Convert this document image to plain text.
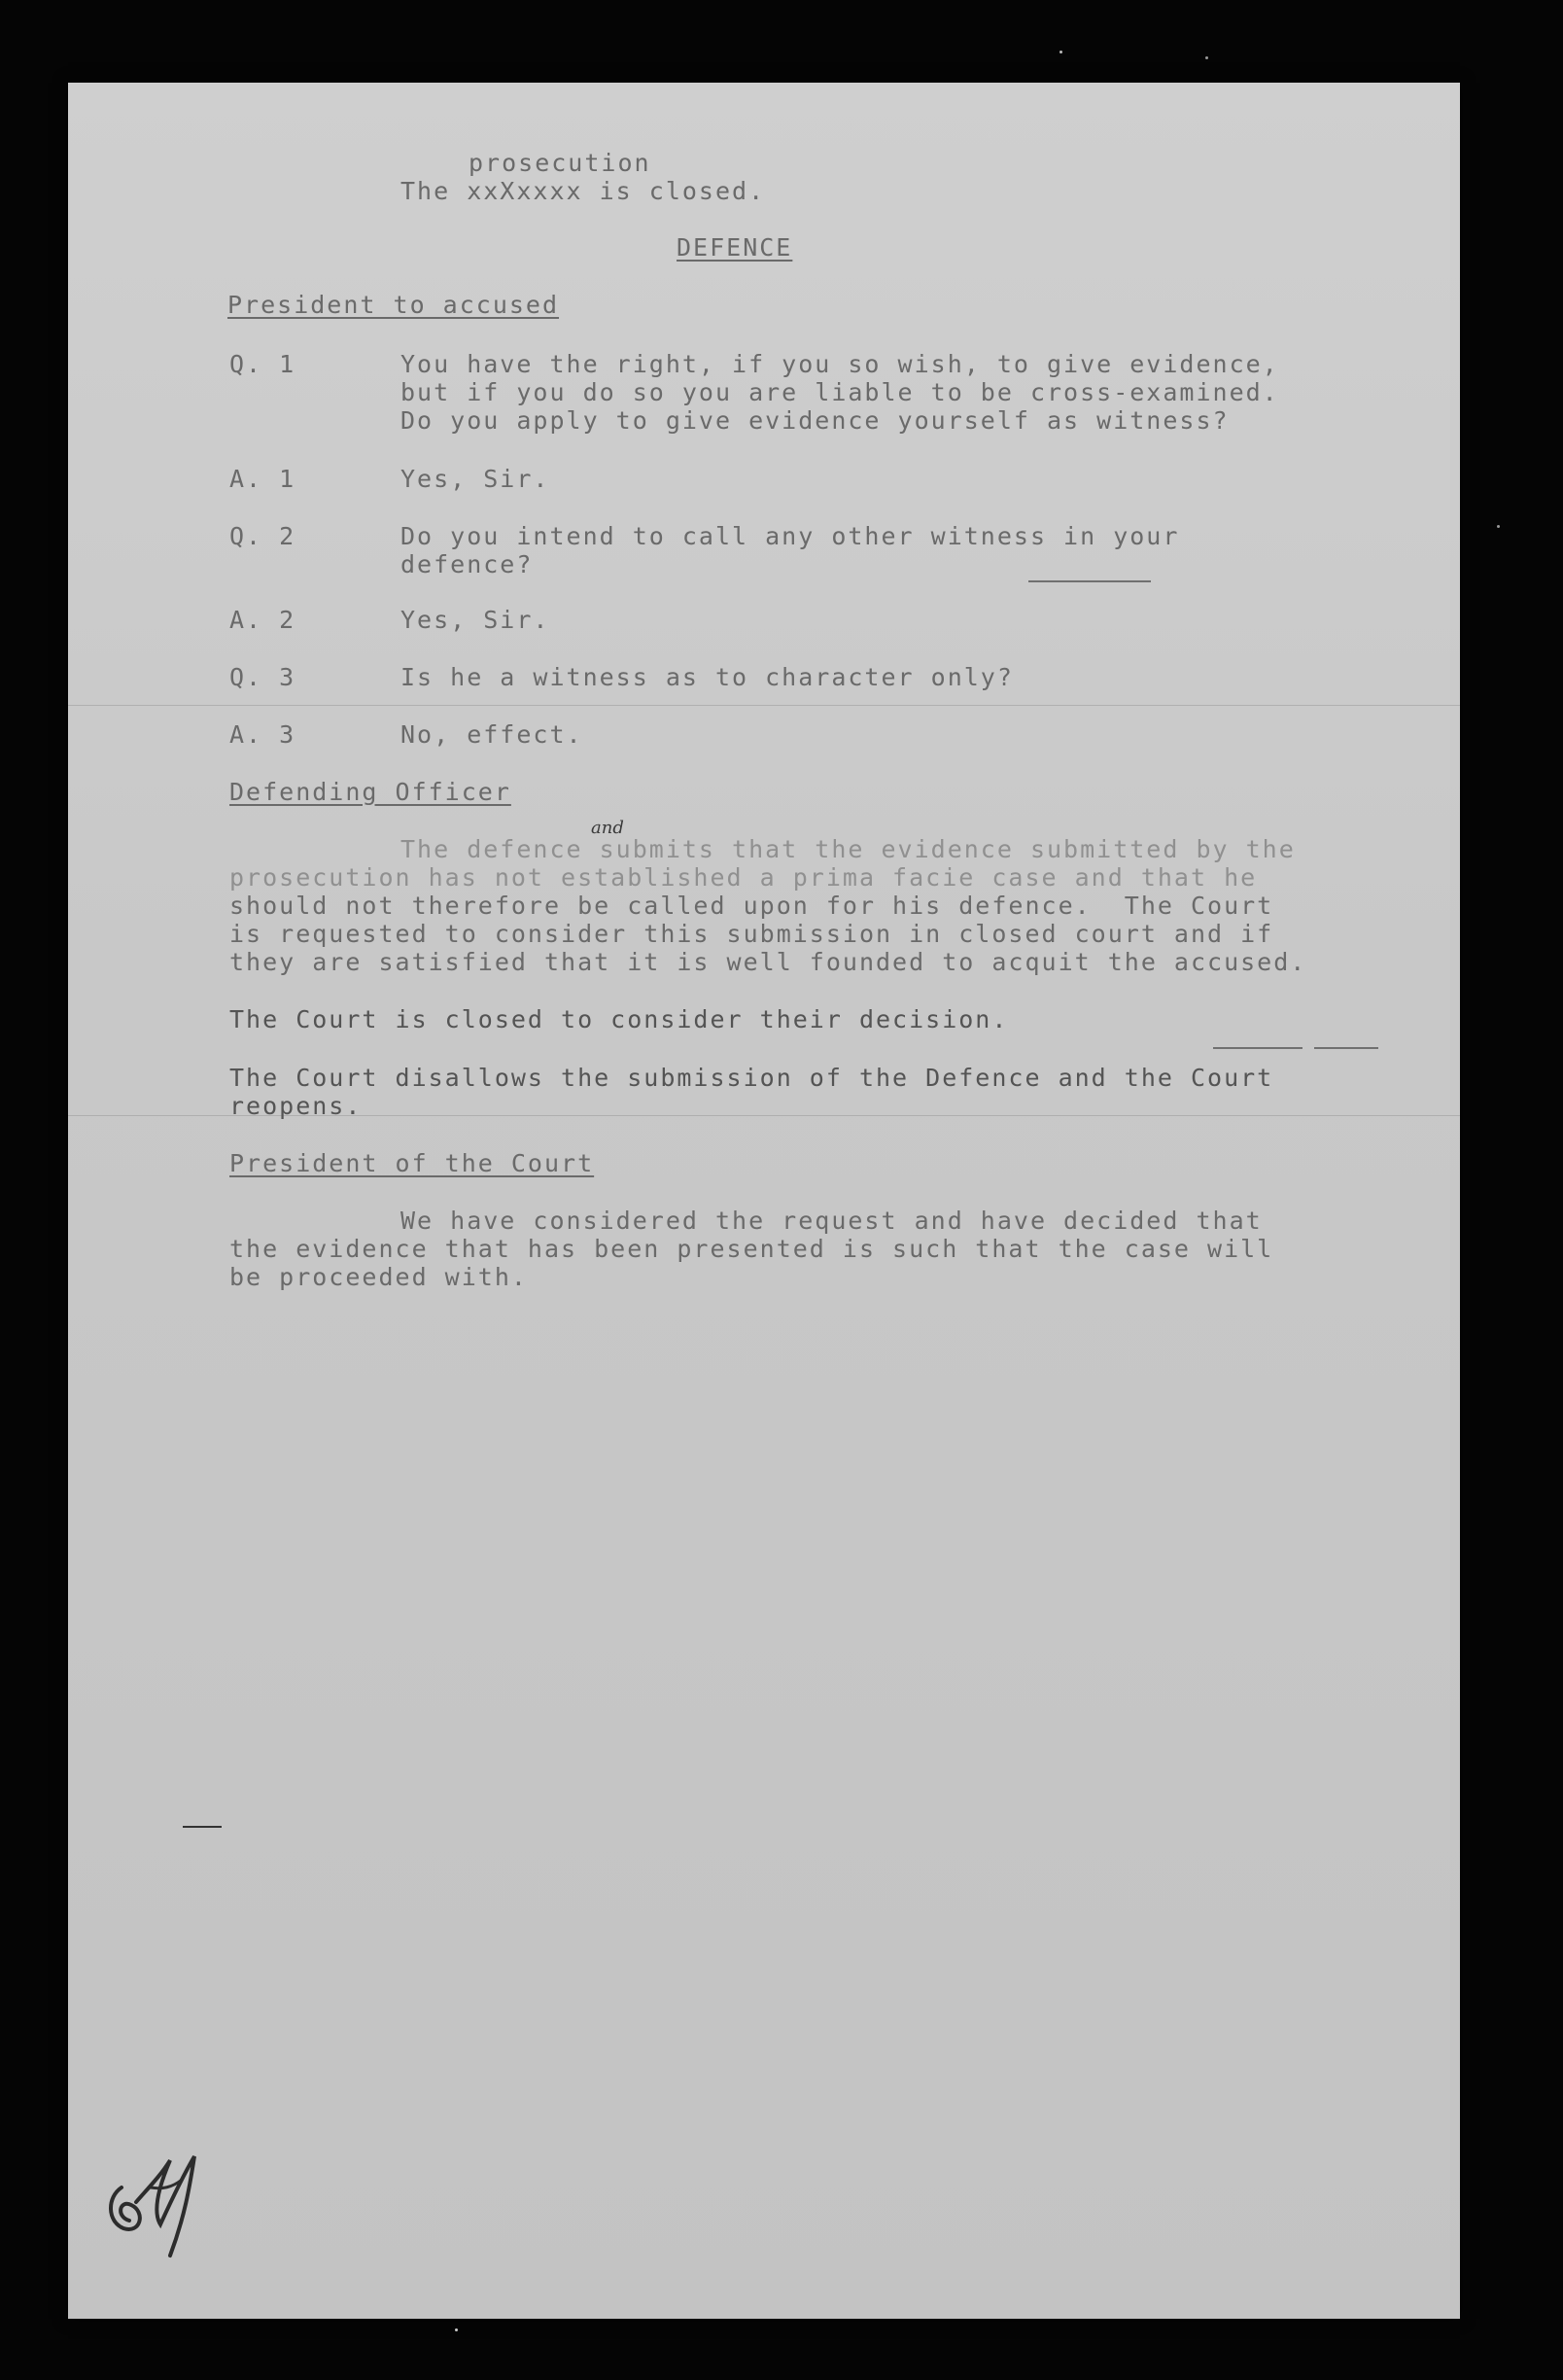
prosecution
The xxXxxxx is closed.
DEFENCE
President to accused
Q. 1	You have the right, if you so wish, to give evidence,
but if you do so you are liable to be cross-examined.
Do you apply to give evidence yourself as witness?
A. 1	Yes, Sir.
Q. 2	Do you intend to call any other witness in your
defence?
A. 2	Yes, Sir.
Q. 3	Is he a witness as to character only?
A. 3	No, effect.
Defending Officer
and
The defence submits that the evidence submitted by the
prosecution has not established a prima facie case and that he
should not therefore be called upon for his defence.  The Court
is requested to consider this submission in closed court and if
they are satisfied that it is well founded to acquit the accused.
The Court is closed to consider their decision.
The Court disallows the submission of the Defence and the Court
reopens.
President of the Court
We have considered the request and have decided that
the evidence that has been presented is such that the case will
be proceeded with.
